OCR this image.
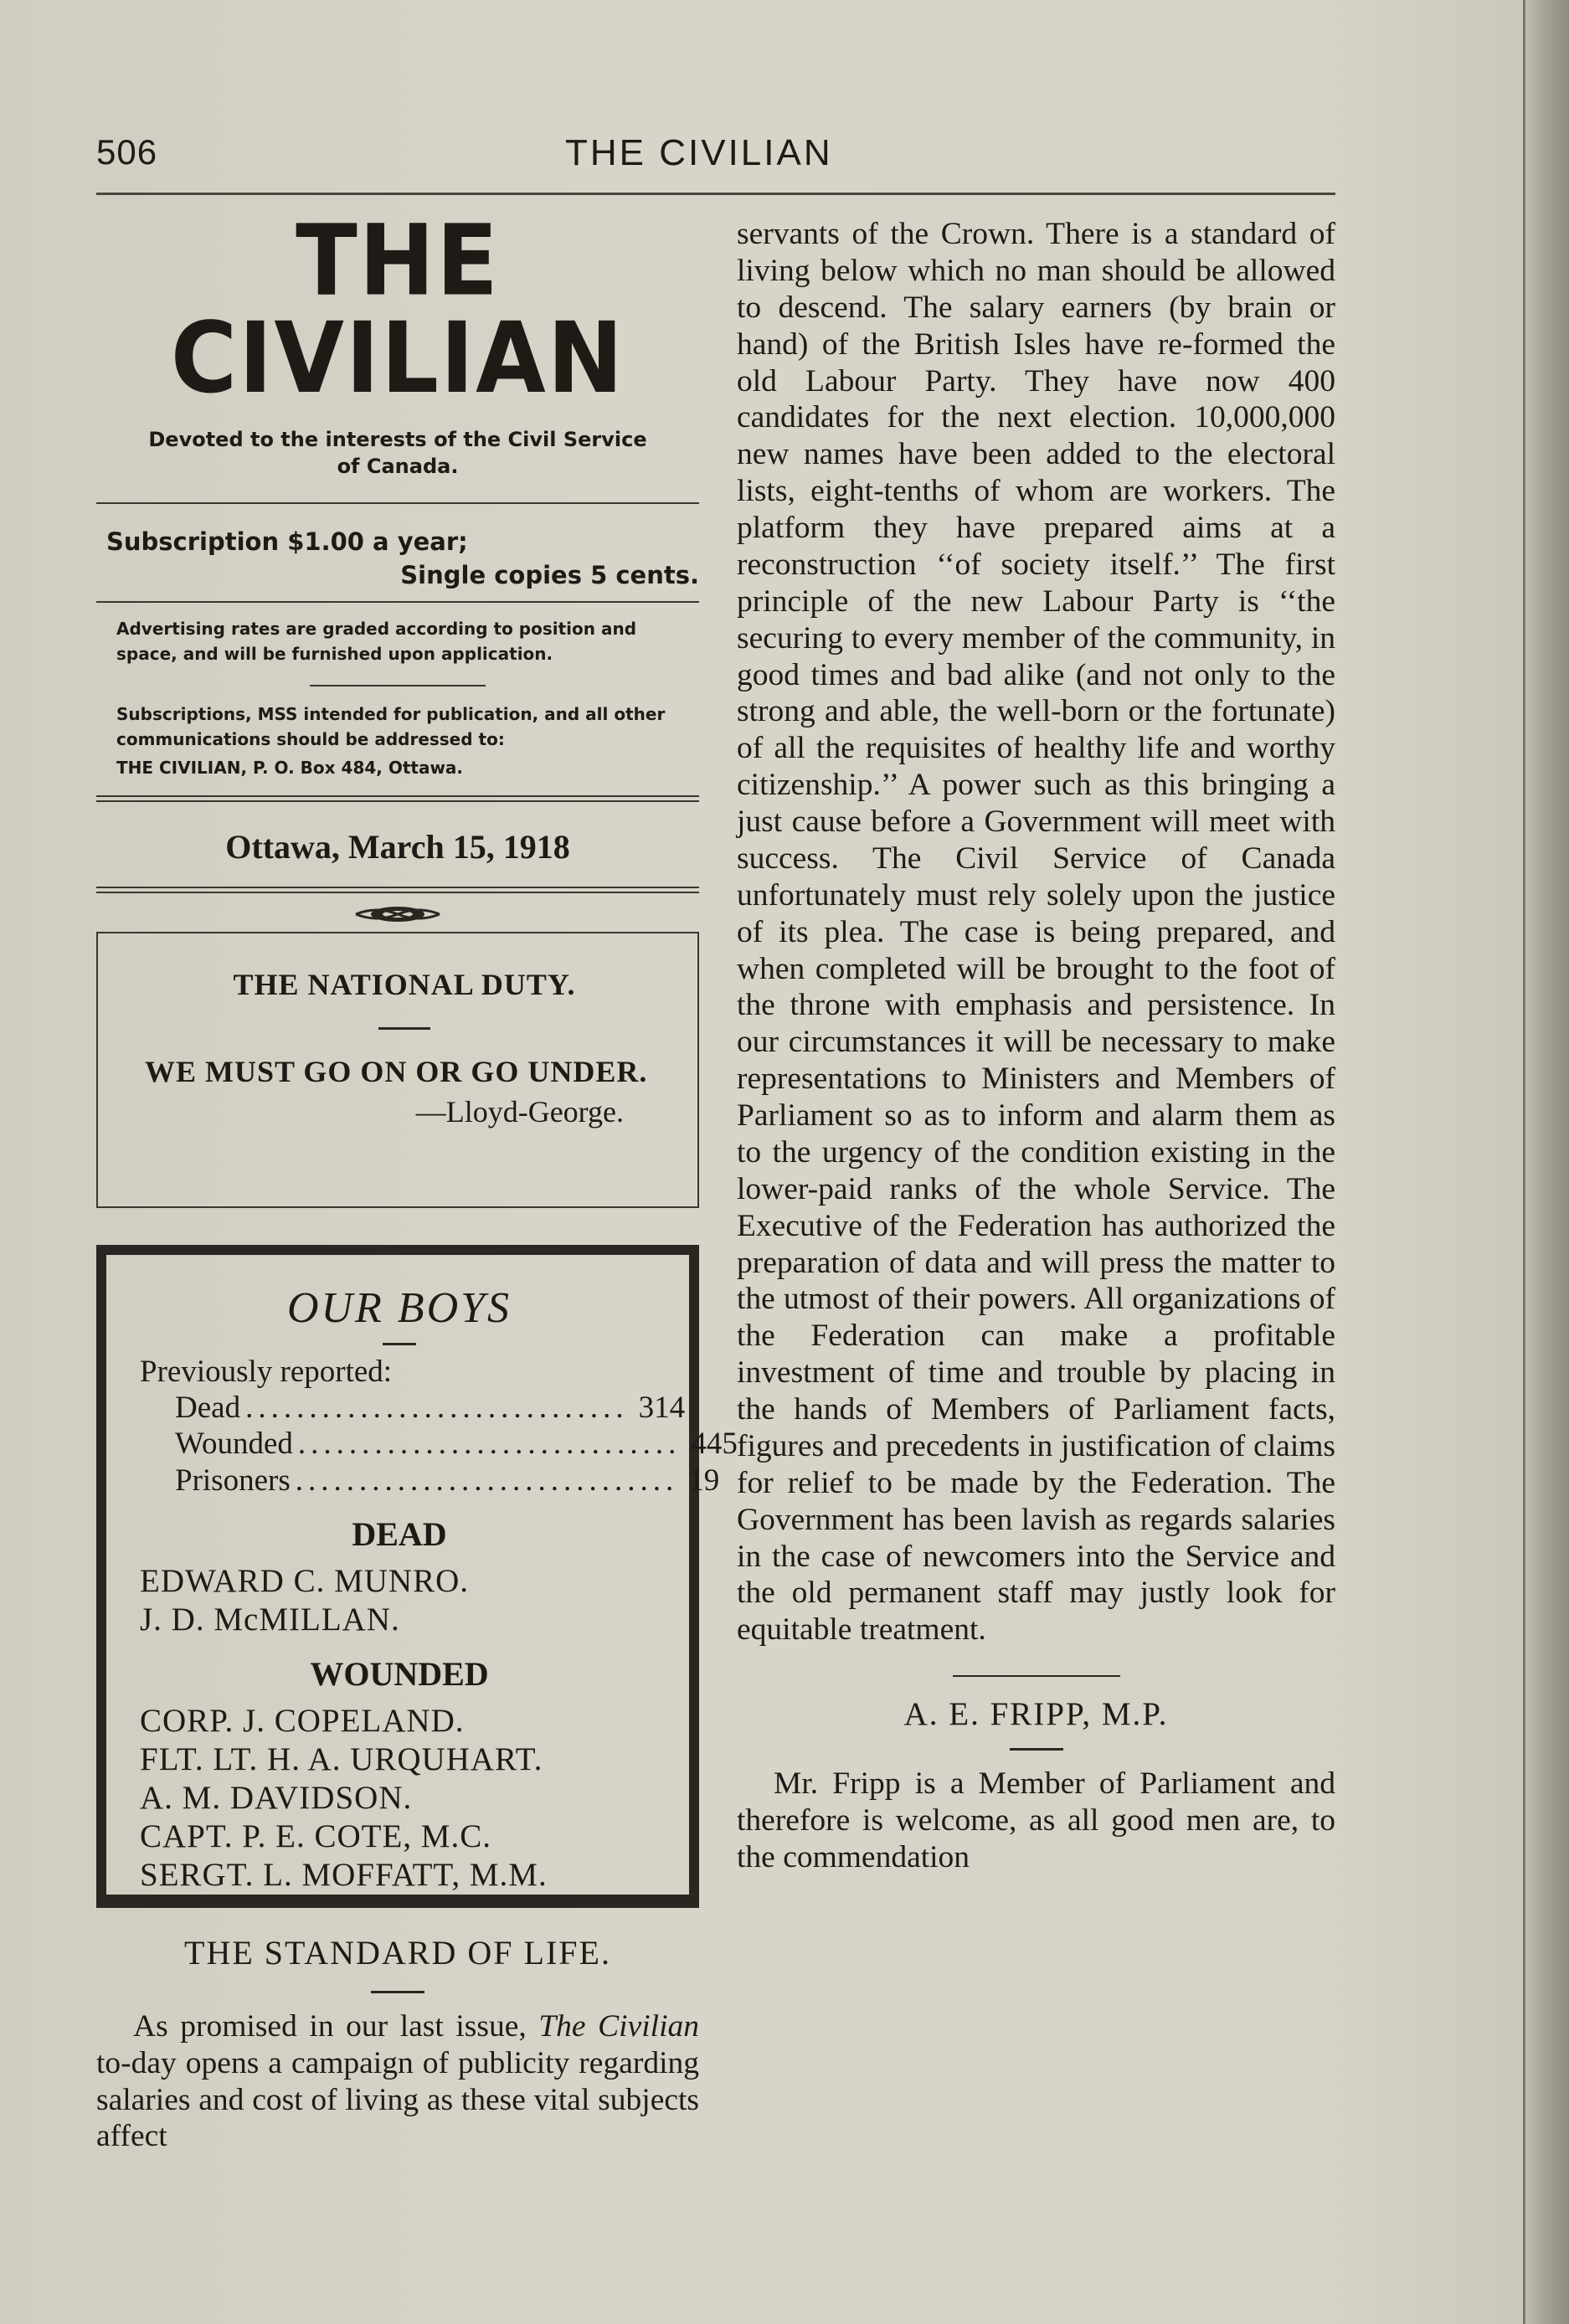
506	THE CIVILIAN
THE CIVILIAN
Devoted to the interests of the Civil Service
of Canada.
Subscription $1.00 a year;
Single copies 5 cents.
Advertising rates are graded according to position and space, and will be furnished upon application.
Subscriptions, MSS intended for publication, and all other communications should be addressed to:
THE CIVILIAN, P. O. Box 484, Ottawa.
Ottawa, March 15, 1918
THE NATIONAL DUTY.
WE MUST GO ON OR GO UNDER.
—Lloyd-George.
OUR BOYS
Previously reported:
Dead .............................. 314
Wounded .............................. 445
Prisoners .............................. 19
DEAD
EDWARD C. MUNRO.
J. D. McMILLAN.
WOUNDED
CORP. J. COPELAND.
FLT. LT. H. A. URQUHART.
A. M. DAVIDSON.
CAPT. P. E. COTE, M.C.
SERGT. L. MOFFATT, M.M.
THE STANDARD OF LIFE.
As promised in our last issue, The Civilian to-day opens a campaign of publicity regarding salaries and cost of living as these vital subjects affect
servants of the Crown. There is a standard of living below which no man should be allowed to descend. The salary earners (by brain or hand) of the British Isles have re-formed the old Labour Party. They have now 400 candidates for the next election. 10,000,000 new names have been added to the electoral lists, eight-tenths of whom are workers. The platform they have prepared aims at a reconstruction ‘‘of society itself.’’ The first principle of the new Labour Party is ‘‘the securing to every member of the community, in good times and bad alike (and not only to the strong and able, the well-born or the fortunate) of all the requisites of healthy life and worthy citizenship.’’ A power such as this bringing a just cause before a Government will meet with success. The Civil Service of Canada unfortunately must rely solely upon the justice of its plea. The case is being prepared, and when completed will be brought to the foot of the throne with emphasis and persistence. In our circumstances it will be necessary to make representations to Ministers and Members of Parliament so as to inform and alarm them as to the urgency of the condition existing in the lower-paid ranks of the whole Service. The Executive of the Federation has authorized the preparation of data and will press the matter to the utmost of their powers. All organizations of the Federation can make a profitable investment of time and trouble by placing in the hands of Members of Parliament facts, figures and precedents in justification of claims for relief to be made by the Federation. The Government has been lavish as regards salaries in the case of newcomers into the Service and the old permanent staff may justly look for equitable treatment.
A. E. FRIPP, M.P.
Mr. Fripp is a Member of Parliament and therefore is welcome, as all good men are, to the commendation
